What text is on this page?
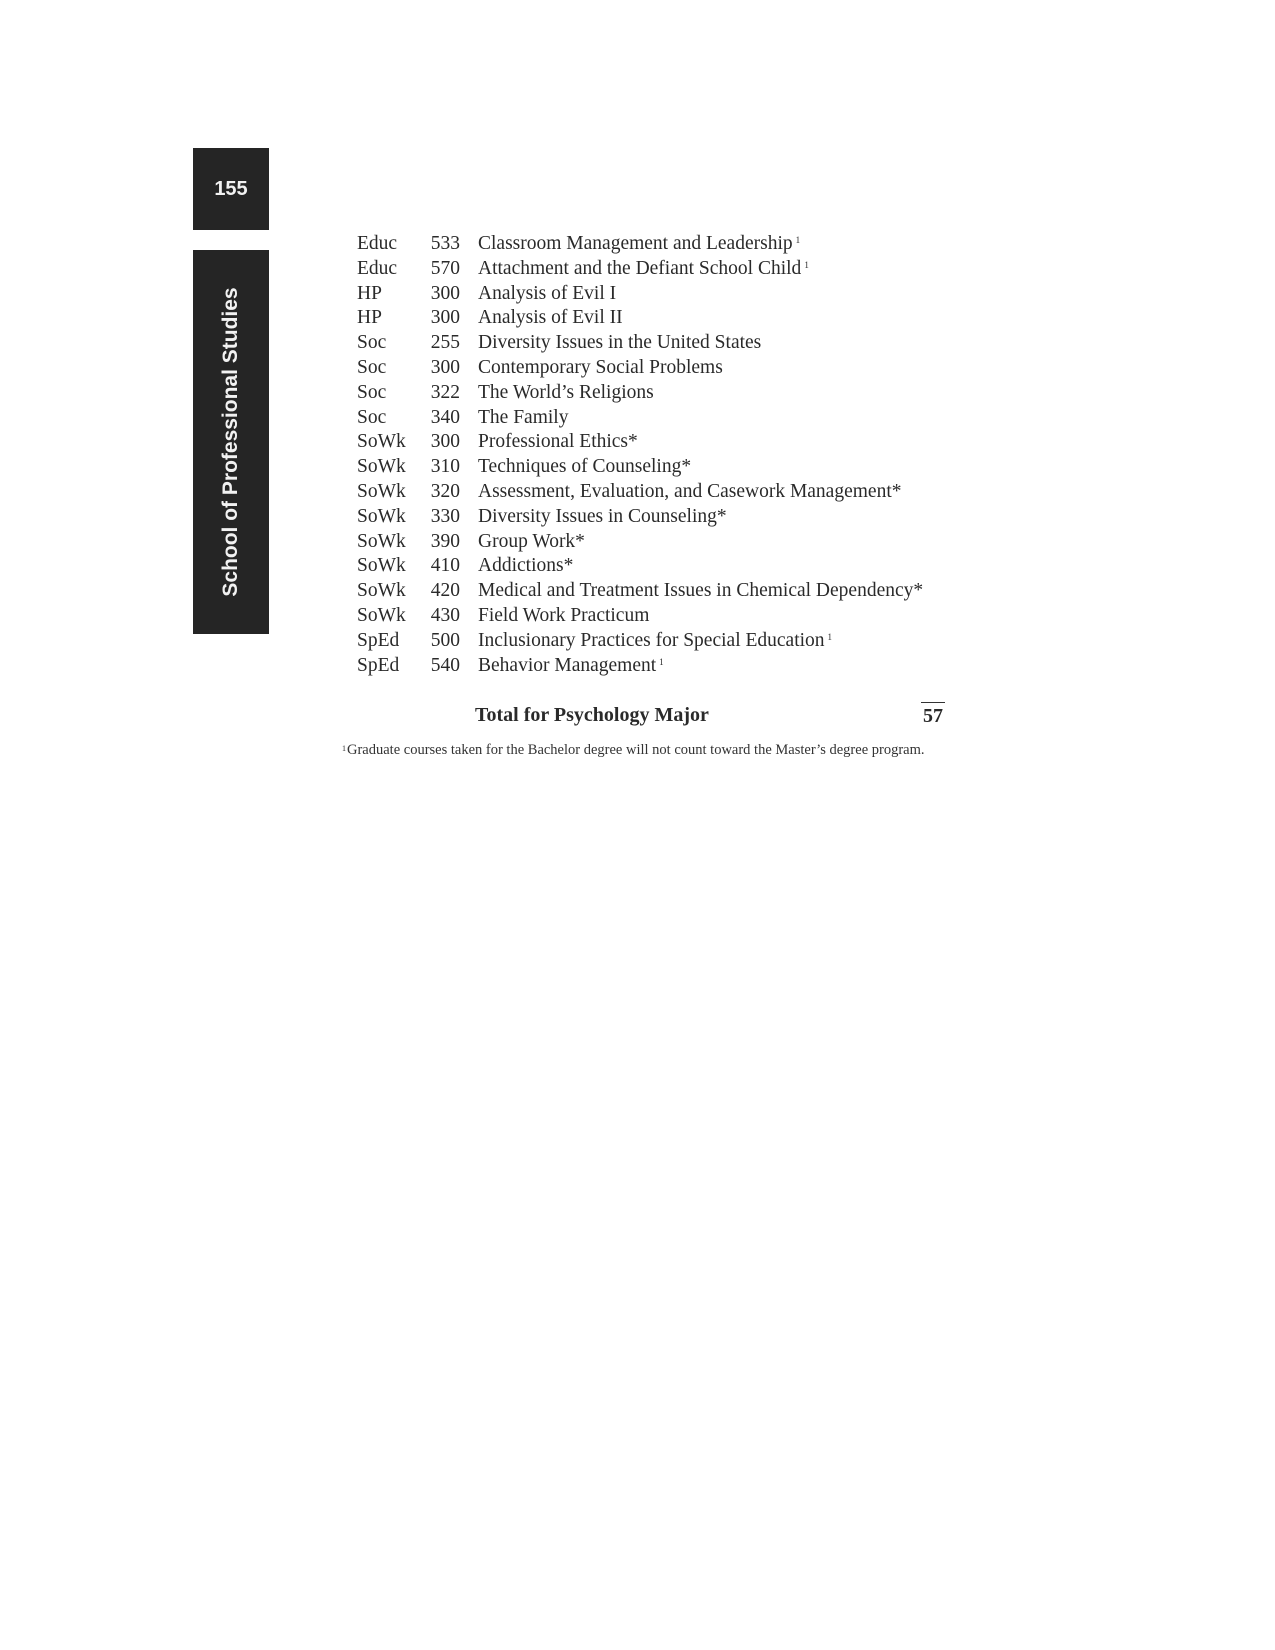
155
School of Professional Studies
Educ	533 Classroom Management and Leadership $^1$
Educ	570 Attachment and the Defiant School Child $^1$
HP	300 Analysis of Evil I
HP	300 Analysis of Evil II
Soc	255 Diversity Issues in the United States
Soc	300 Contemporary Social Problems
Soc	322 The World’s Religions
Soc	340 The Family
SoWk	300 Professional Ethics*
SoWk	310 Techniques of Counseling*
SoWk	320 Assessment, Evaluation, and Casework Management*
SoWk	330 Diversity Issues in Counseling*
SoWk	390 Group Work*
SoWk	410 Addictions*
SoWk	420 Medical and Treatment Issues in Chemical Dependency*
SoWk	430 Field Work Practicum
SpEd	500 Inclusionary Practices for Special Education $^1$
SpEd	540 Behavior Management $^1$
Total for Psychology Major	57
$^1$Graduate courses taken for the Bachelor degree will not count toward the Master’s degree program.
